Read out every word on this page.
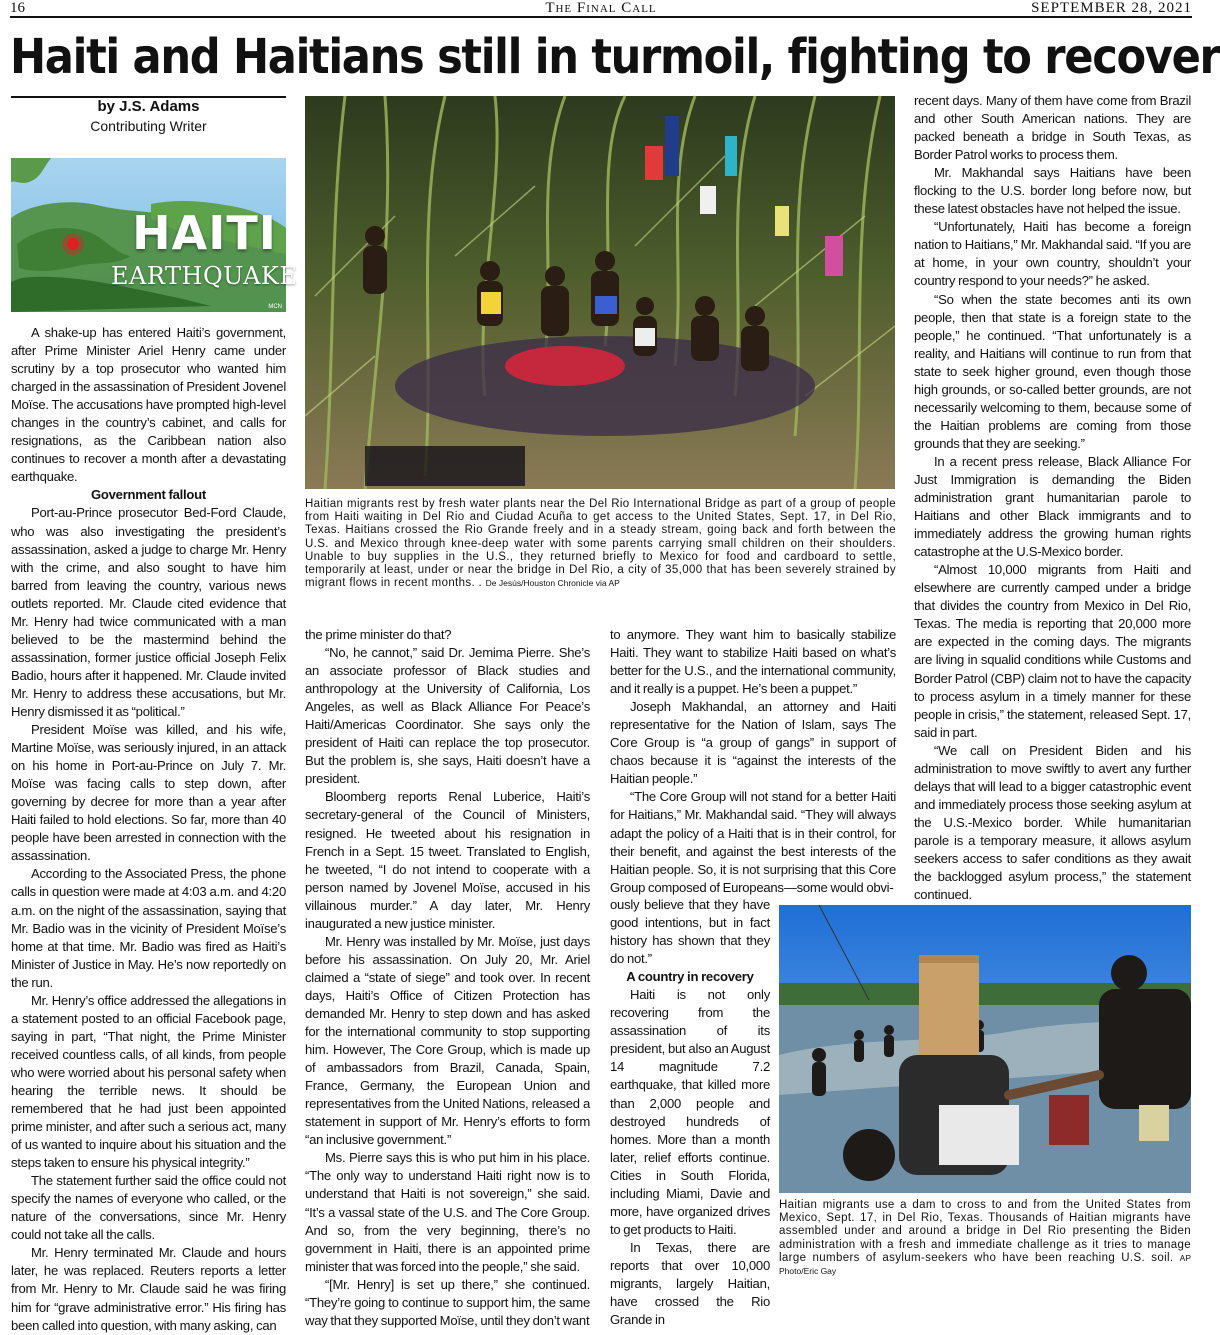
The Final Call
16	SEPTEMBER 28, 2021
Haiti and Haitians still in turmoil, fighting to recover
by J.S. Adams
Contributing Writer
HAITI
EARTHQUAKE
MCN

A shake-up has entered Haiti’s government, after Prime Minister Ariel Henry came under scrutiny by a top prosecutor who wanted him charged in the assassination of President Jovenel Moïse. The accusations have prompted high-level changes in the country’s cabinet, and calls for resignations, as the Caribbean nation also continues to recover a month after a devastating earthquake.

Government fallout

Port-au-Prince prosecutor Bed-Ford Claude, who was also investigating the president’s assassination, asked a judge to charge Mr. Henry with the crime, and also sought to have him barred from leaving the country, various news outlets reported. Mr. Claude cited evidence that Mr. Henry had twice communicated with a man believed to be the mastermind behind the assassination, former justice official Joseph Felix Badio, hours after it happened. Mr. Claude invited Mr. Henry to address these accusations, but Mr. Henry dismissed it as “political.”

President Moïse was killed, and his wife, Martine Moïse, was seriously injured, in an attack on his home in Port-au-Prince on July 7. Mr. Moïse was facing calls to step down, after governing by decree for more than a year after Haiti failed to hold elections. So far, more than 40 people have been arrested in connection with the assassination.

According to the Associated Press, the phone calls in question were made at 4:03 a.m. and 4:20 a.m. on the night of the assassination, saying that Mr. Badio was in the vicinity of President Moïse’s home at that time. Mr. Badio was fired as Haiti’s Minister of Justice in May. He’s now reportedly on the run.

Mr. Henry’s office addressed the allegations in a statement posted to an official Facebook page, saying in part, “That night, the Prime Minister received countless calls, of all kinds, from people who were worried about his personal safety when hearing the terrible news. It should be remembered that he had just been appointed prime minister, and after such a serious act, many of us wanted to inquire about his situation and the steps taken to ensure his physical integrity.”

The statement further said the office could not specify the names of everyone who called, or the nature of the conversations, since Mr. Henry could not take all the calls.

Mr. Henry terminated Mr. Claude and hours later, he was replaced. Reuters reports a letter from Mr. Henry to Mr. Claude said he was firing him for “grave administrative error.” His firing has been called into question, with many asking, can

Haitian migrants rest by fresh water plants near the Del Rio International Bridge as part of a group of people from Haiti waiting in Del Rio and Ciudad Acuña to get access to the United States, Sept. 17, in Del Rio, Texas. Haitians crossed the Rio Grande freely and in a steady stream, going back and forth between the U.S. and Mexico through knee-deep water with some parents carrying small children on their shoulders. Unable to buy supplies in the U.S., they returned briefly to Mexico for food and cardboard to settle, temporarily at least, under or near the bridge in Del Rio, a city of 35,000 that has been severely strained by migrant flows in recent months. . De Jesús/Houston Chronicle via AP

the prime minister do that?

“No, he cannot,” said Dr. Jemima Pierre. She’s an associate professor of Black studies and anthropology at the University of California, Los Angeles, as well as Black Alliance For Peace’s Haiti/Americas Coordinator. She says only the president of Haiti can replace the top prosecutor. But the problem is, she says, Haiti doesn’t have a president.

Bloomberg reports Renal Luberice, Haiti’s secretary-general of the Council of Ministers, resigned. He tweeted about his resignation in French in a Sept. 15 tweet. Translated to English, he tweeted, “I do not intend to cooperate with a person named by Jovenel Moïse, accused in his villainous murder.” A day later, Mr. Henry inaugurated a new justice minister.

Mr. Henry was installed by Mr. Moïse, just days before his assassination. On July 20, Mr. Ariel claimed a “state of siege” and took over. In recent days, Haiti’s Office of Citizen Protection has demanded Mr. Henry to step down and has asked for the international community to stop supporting him. However, The Core Group, which is made up of ambassadors from Brazil, Canada, Spain, France, Germany, the European Union and representatives from the United Nations, released a statement in support of Mr. Henry’s efforts to form “an inclusive government.”

Ms. Pierre says this is who put him in his place. “The only way to understand Haiti right now is to understand that Haiti is not sovereign,” she said. “It’s a vassal state of the U.S. and The Core Group. And so, from the very beginning, there’s no government in Haiti, there is an appointed prime minister that was forced into the people,” she said.

“[Mr. Henry] is set up there,” she continued. “They’re going to continue to support him, the same way that they supported Moïse, until they don’t want

to anymore. They want him to basically stabilize Haiti. They want to stabilize Haiti based on what’s better for the U.S., and the international community, and it really is a puppet. He’s been a puppet.”

Joseph Makhandal, an attorney and Haiti representative for the Nation of Islam, says The Core Group is “a group of gangs” in support of chaos because it is “against the interests of the Haitian people.”

“The Core Group will not stand for a better Haiti for Haitians,” Mr. Makhandal said. “They will always adapt the policy of a Haiti that is in their control, for their benefit, and against the best interests of the Haitian people. So, it is not surprising that this Core Group composed of Europeans—some would obvi-

ously believe that they have good intentions, but in fact history has shown that they do not.”

A country in recovery

Haiti is not only recovering from the assassination of its president, but also an August 14 magnitude 7.2 earthquake, that killed more than 2,000 people and destroyed hundreds of homes. More than a month later, relief efforts continue. Cities in South Florida, including Miami, Davie and more, have organized drives to get products to Haiti.

In Texas, there are reports that over 10,000 migrants, largely Haitian, have crossed the Rio Grande in

recent days. Many of them have come from Brazil and other South American nations. They are packed beneath a bridge in South Texas, as Border Patrol works to process them.

Mr. Makhandal says Haitians have been flocking to the U.S. border long before now, but these latest obstacles have not helped the issue.

“Unfortunately, Haiti has become a foreign nation to Haitians,” Mr. Makhandal said. “If you are at home, in your own country, shouldn’t your country respond to your needs?” he asked.

“So when the state becomes anti its own people, then that state is a foreign state to the people,” he continued. “That unfortunately is a reality, and Haitians will continue to run from that state to seek higher ground, even though those high grounds, or so-called better grounds, are not necessarily welcoming to them, because some of the Haitian problems are coming from those grounds that they are seeking.”

In a recent press release, Black Alliance For Just Immigration is demanding the Biden administration grant humanitarian parole to Haitians and other Black immigrants and to immediately address the growing human rights catastrophe at the U.S-Mexico border.

“Almost 10,000 migrants from Haiti and elsewhere are currently camped under a bridge that divides the country from Mexico in Del Rio, Texas. The media is reporting that 20,000 more are expected in the coming days. The migrants are living in squalid conditions while Customs and Border Patrol (CBP) claim not to have the capacity to process asylum in a timely manner for these people in crisis,” the statement, released Sept. 17, said in part.

“We call on President Biden and his administration to move swiftly to avert any further delays that will lead to a bigger catastrophic event and immediately process those seeking asylum at the U.S.-Mexico border. While humanitarian parole is a temporary measure, it allows asylum seekers access to safer conditions as they await the backlogged asylum process,” the statement continued.

Haitian migrants use a dam to cross to and from the United States from Mexico, Sept. 17, in Del Rio, Texas. Thousands of Haitian migrants have assembled under and around a bridge in Del Rio presenting the Biden administration with a fresh and immediate challenge as it tries to manage large numbers of asylum-seekers who have been reaching U.S. soil. AP Photo/Eric Gay
